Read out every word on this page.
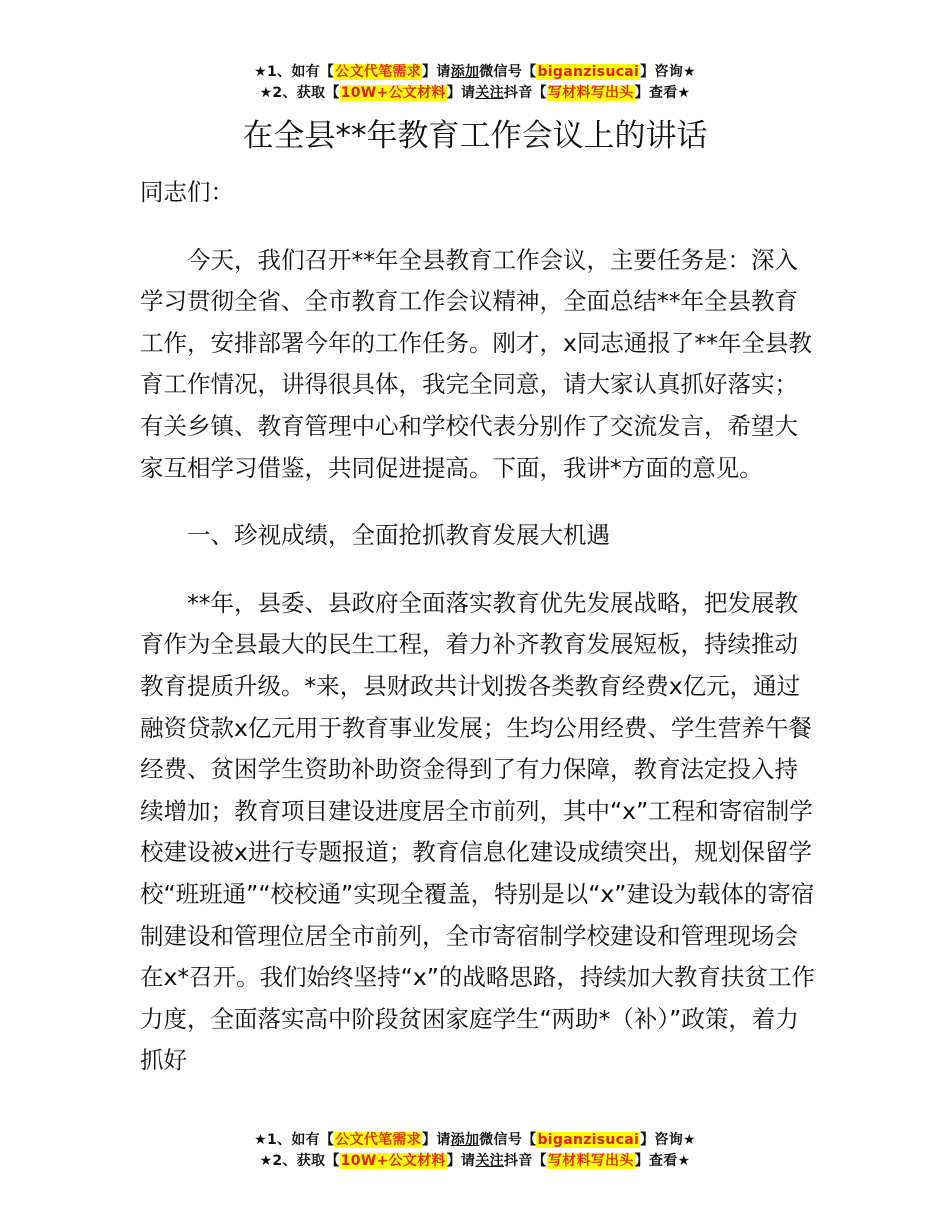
★1、如有【公文代笔需求】请添加微信号【biganzisucai】咨询★
★2、获取【10W+公文材料】请关注抖音【写材料写出头】查看★
在全县**年教育工作会议上的讲话

同志们：

今天，我们召开**年全县教育工作会议，主要任务是：深入学习贯彻全省、全市教育工作会议精神，全面总结**年全县教育工作，安排部署今年的工作任务。刚才，x同志通报了**年全县教育工作情况，讲得很具体，我完全同意，请大家认真抓好落实；有关乡镇、教育管理中心和学校代表分别作了交流发言，希望大家互相学习借鉴，共同促进提高。下面，我讲*方面的意见。

一、珍视成绩，全面抢抓教育发展大机遇

**年，县委、县政府全面落实教育优先发展战略，把发展教育作为全县最大的民生工程，着力补齐教育发展短板，持续推动教育提质升级。*来，县财政共计划拨各类教育经费x亿元，通过融资贷款x亿元用于教育事业发展；生均公用经费、学生营养午餐经费、贫困学生资助补助资金得到了有力保障，教育法定投入持续增加；教育项目建设进度居全市前列，其中“x”工程和寄宿制学校建设被x进行专题报道；教育信息化建设成绩突出，规划保留学校“班班通”“校校通”实现全覆盖，特别是以“x”建设为载体的寄宿制建设和管理位居全市前列，全市寄宿制学校建设和管理现场会在x*召开。我们始终坚持“x”的战略思路，持续加大教育扶贫工作力度，全面落实高中阶段贫困家庭学生“两助*（补）”政策，着力抓好

★1、如有【公文代笔需求】请添加微信号【biganzisucai】咨询★
★2、获取【10W+公文材料】请关注抖音【写材料写出头】查看★
